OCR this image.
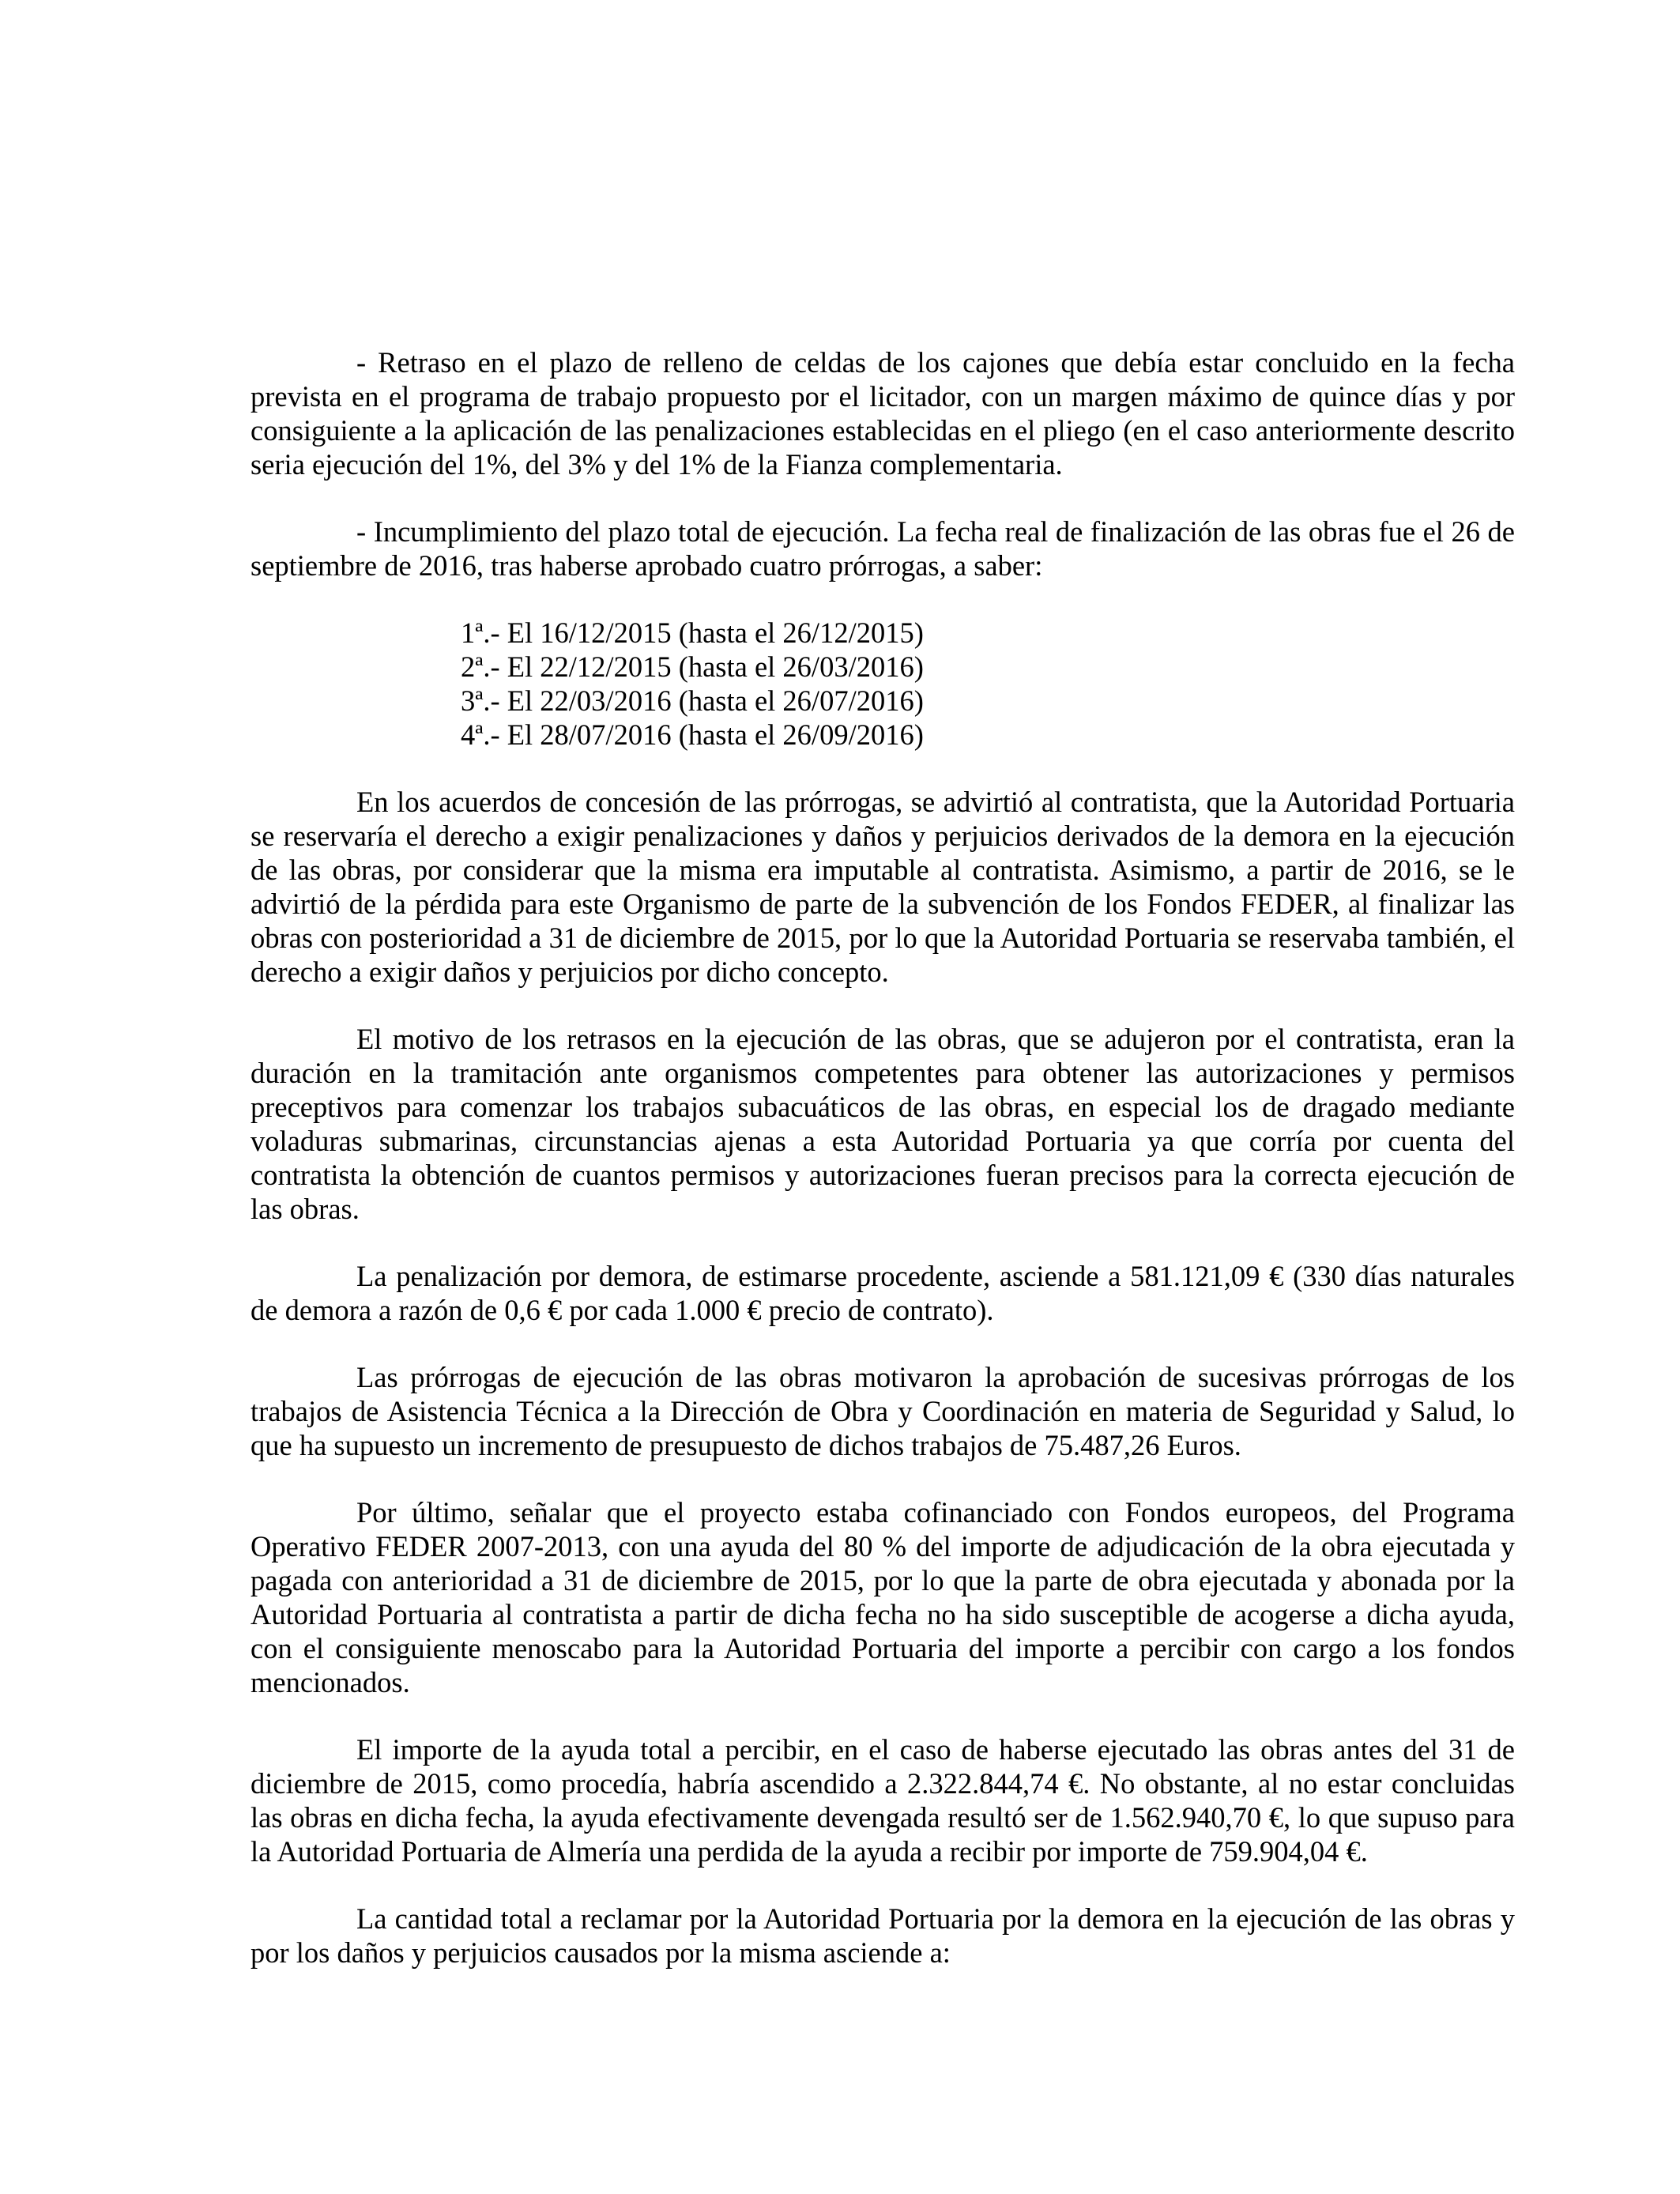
- Retraso en el plazo de relleno de celdas de los cajones que debía estar concluido en la fecha prevista en el programa de trabajo propuesto por el licitador, con un margen máximo de quince días y por consiguiente a la aplicación de las penalizaciones establecidas en el pliego (en el caso anteriormente descrito seria ejecución del 1%, del 3% y del 1% de la Fianza complementaria.

- Incumplimiento del plazo total de ejecución. La fecha real de finalización de las obras fue el 26 de septiembre de 2016, tras haberse aprobado cuatro prórrogas, a saber:

1ª.- El 16/12/2015 (hasta el 26/12/2015)
2ª.- El 22/12/2015 (hasta el 26/03/2016)
3ª.- El 22/03/2016 (hasta el 26/07/2016)
4ª.- El 28/07/2016 (hasta el 26/09/2016)

En los acuerdos de concesión de las prórrogas, se advirtió al contratista, que la Autoridad Portuaria se reservaría el derecho a exigir penalizaciones y daños y perjuicios derivados de la demora en la ejecución de las obras, por considerar que la misma era imputable al contratista. Asimismo, a partir de 2016, se le advirtió de la pérdida para este Organismo de parte de la subvención de los Fondos FEDER, al finalizar las obras con posterioridad a 31 de diciembre de 2015, por lo que la Autoridad Portuaria se reservaba también, el derecho a exigir daños y perjuicios por dicho concepto.

El motivo de los retrasos en la ejecución de las obras, que se adujeron por el contratista, eran la duración en la tramitación ante organismos competentes para obtener las autorizaciones y permisos preceptivos para comenzar los trabajos subacuáticos de las obras, en especial los de dragado mediante voladuras submarinas, circunstancias ajenas a esta Autoridad Portuaria ya que corría por cuenta del contratista la obtención de cuantos permisos y autorizaciones fueran precisos para la correcta ejecución de las obras.

La penalización por demora, de estimarse procedente, asciende a 581.121,09 € (330 días naturales de demora a razón de 0,6 € por cada 1.000 € precio de contrato).

Las prórrogas de ejecución de las obras motivaron la aprobación de sucesivas prórrogas de los trabajos de Asistencia Técnica a la Dirección de Obra y Coordinación en materia de Seguridad y Salud, lo que ha supuesto un incremento de presupuesto de dichos trabajos de 75.487,26 Euros.

Por último, señalar que el proyecto estaba cofinanciado con Fondos europeos, del Programa Operativo FEDER 2007-2013, con una ayuda del 80 % del importe de adjudicación de la obra ejecutada y pagada con anterioridad a 31 de diciembre de 2015, por lo que la parte de obra ejecutada y abonada por la Autoridad Portuaria al contratista a partir de dicha fecha no ha sido susceptible de acogerse a dicha ayuda, con el consiguiente menoscabo para la Autoridad Portuaria del importe a percibir con cargo a los fondos mencionados.

El importe de la ayuda total a percibir, en el caso de haberse ejecutado las obras antes del 31 de diciembre de 2015, como procedía, habría ascendido a 2.322.844,74 €. No obstante, al no estar concluidas las obras en dicha fecha, la ayuda efectivamente devengada resultó ser de 1.562.940,70 €, lo que supuso para la Autoridad Portuaria de Almería una perdida de la ayuda a recibir por importe de 759.904,04 €.

La cantidad total a reclamar por la Autoridad Portuaria por la demora en la ejecución de las obras y por los daños y perjuicios causados por la misma asciende a:
